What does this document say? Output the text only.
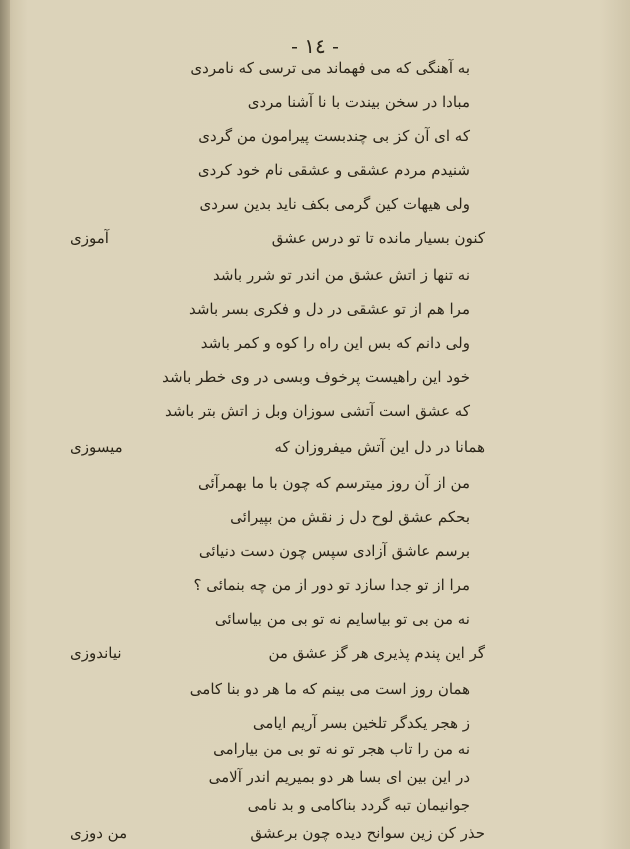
- ١٤ -
به آهنگی که می فهماند می ترسی که نامردی
مبادا در سخن بیندت با نا آشنا مردی
که ای آن کز بی چندبست پیرامون من گردی
شنیدم مردم عشقی و عشقی نام خود کردی
ولی هیهات کین گرمی بکف ناید بدین سردی
کنون بسیار مانده تا تو درس عشق
آموزی
نه تنها ز اتش عشق من اندر تو شرر باشد
مرا هم از تو عشقی در دل و فکری بسر باشد
ولی دانم که بس این راه را کوه و کمر باشد
خود این راهیست پرخوف وبسی در وی خطر باشد
که عشق است آتشی سوزان وبل ز اتش بتر باشد
همانا در دل این آتش میفروزان که
میسوزی
من از آن روز میترسم که چون با ما بهمرآئی
بحکم عشق لوح دل ز نقش من بپیرائی
برسم عاشق آزادی سپس چون دست دنیائی
مرا از تو جدا سازد تو دور از من چه بنمائی ؟
نه من بی تو بیاسایم نه تو بی من بیاسائی
گر این پندم پذیری هر گز عشق من
نیاندوزی
همان روز است می بینم که ما هر دو بنا کامی
ز هجر یکدگر تلخین بسر آریم ایامی
نه من را تاب هجر تو نه تو بی من بیارامی
در این بین ای بسا هر دو بمیریم اندر آلامی
جوانیمان تبه گردد بناکامی و بد نامی
حذر کن زین سوانح دیده چون برعشق
من دوزی
